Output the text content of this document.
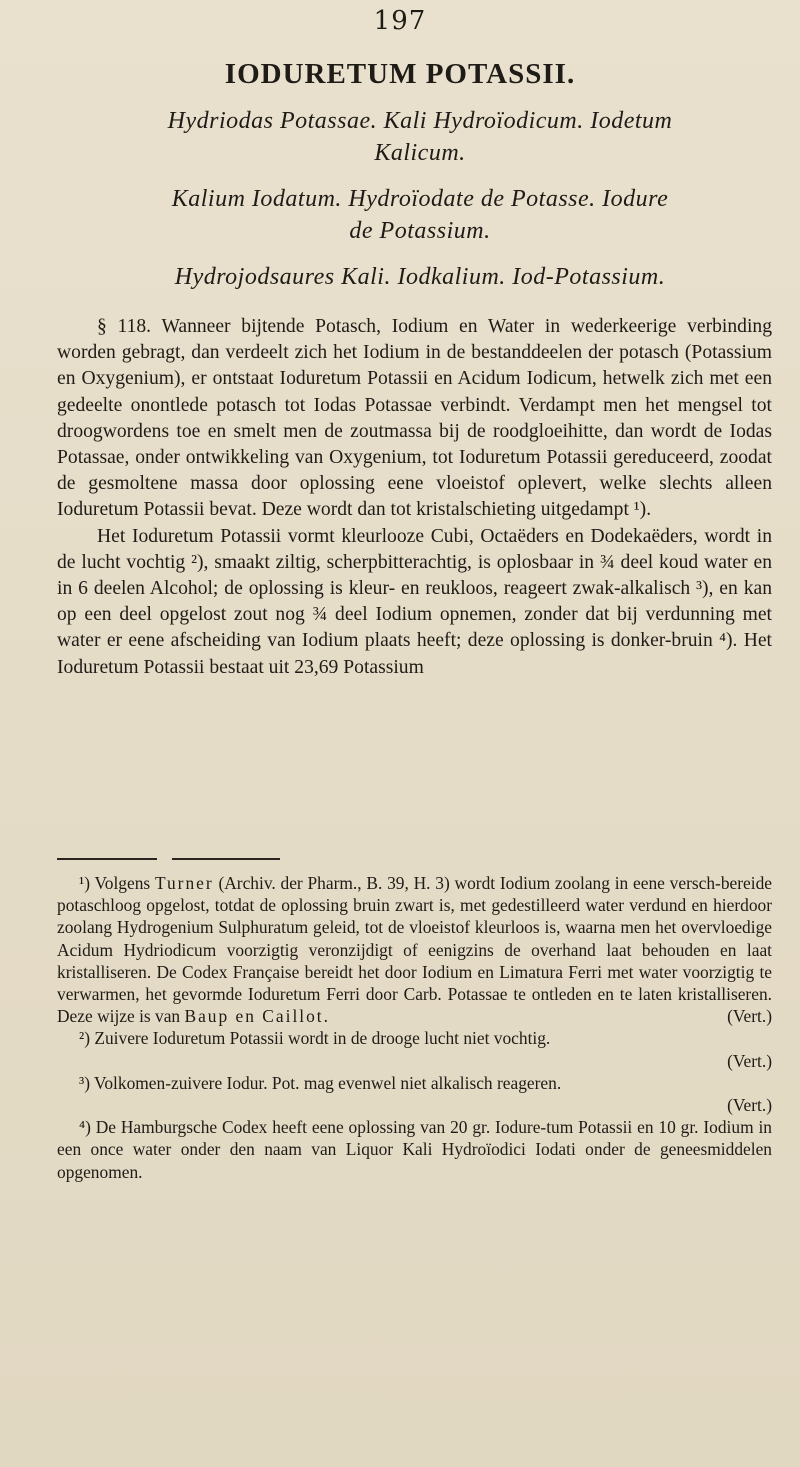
197
IODURETUM POTASSII.
Hydriodas Potassae. Kali Hydroïodicum. Iodetum
Kalicum.
Kalium Iodatum. Hydroïodate de Potasse. Iodure
de Potassium.
Hydrojodsaures Kali. Iodkalium. Iod-Potassium.

§ 118. Wanneer bijtende Potasch, Iodium en Water in wederkeerige verbinding worden gebragt, dan verdeelt zich het Iodium in de bestanddeelen der potasch (Potassium en Oxygenium), er ontstaat Ioduretum Potassii en Acidum Iodicum, hetwelk zich met een gedeelte onontlede potasch tot Iodas Potassae verbindt. Verdampt men het mengsel tot droogwordens toe en smelt men de zoutmassa bij de roodgloeihitte, dan wordt de Iodas Potassae, onder ontwikkeling van Oxygenium, tot Ioduretum Potassii gereduceerd, zoodat de gesmoltene massa door oplossing eene vloeistof oplevert, welke slechts alleen Ioduretum Potassii bevat. Deze wordt dan tot kristalschieting uitgedampt ¹).

Het Ioduretum Potassii vormt kleurlooze Cubi, Octaëders en Dodekaëders, wordt in de lucht vochtig ²), smaakt ziltig, scherpbitterachtig, is oplosbaar in ¾ deel koud water en in 6 deelen Alcohol; de oplossing is kleur- en reukloos, reageert zwak-alkalisch ³), en kan op een deel opgelost zout nog ¾ deel Iodium opnemen, zonder dat bij verdunning met water er eene afscheiding van Iodium plaats heeft; deze oplossing is donker-bruin ⁴). Het Ioduretum Potassii bestaat uit 23,69 Potassium

¹) Volgens Turner (Archiv. der Pharm., B. 39, H. 3) wordt Iodium zoolang in eene versch-bereide potaschloog opgelost, totdat de oplossing bruin zwart is, met gedestilleerd water verdund en hierdoor zoolang Hydrogenium Sulphuratum geleid, tot de vloeistof kleurloos is, waarna men het overvloedige Acidum Hydriodicum voorzigtig veronzijdigt of eenigzins de overhand laat behouden en laat kristalliseren. De Codex Française bereidt het door Iodium en Limatura Ferri met water voorzigtig te verwarmen, het gevormde Ioduretum Ferri door Carb. Potassae te ontleden en te laten kristalliseren. Deze wijze is van Baup en Caillot.	(Vert.)

²) Zuivere Ioduretum Potassii wordt in de drooge lucht niet vochtig.

(Vert.)

³) Volkomen-zuivere Iodur. Pot. mag evenwel niet alkalisch reageren.

(Vert.)

⁴) De Hamburgsche Codex heeft eene oplossing van 20 gr. Iodure-tum Potassii en 10 gr. Iodium in een once water onder den naam van Liquor Kali Hydroïodici Iodati onder de geneesmiddelen opgenomen.
